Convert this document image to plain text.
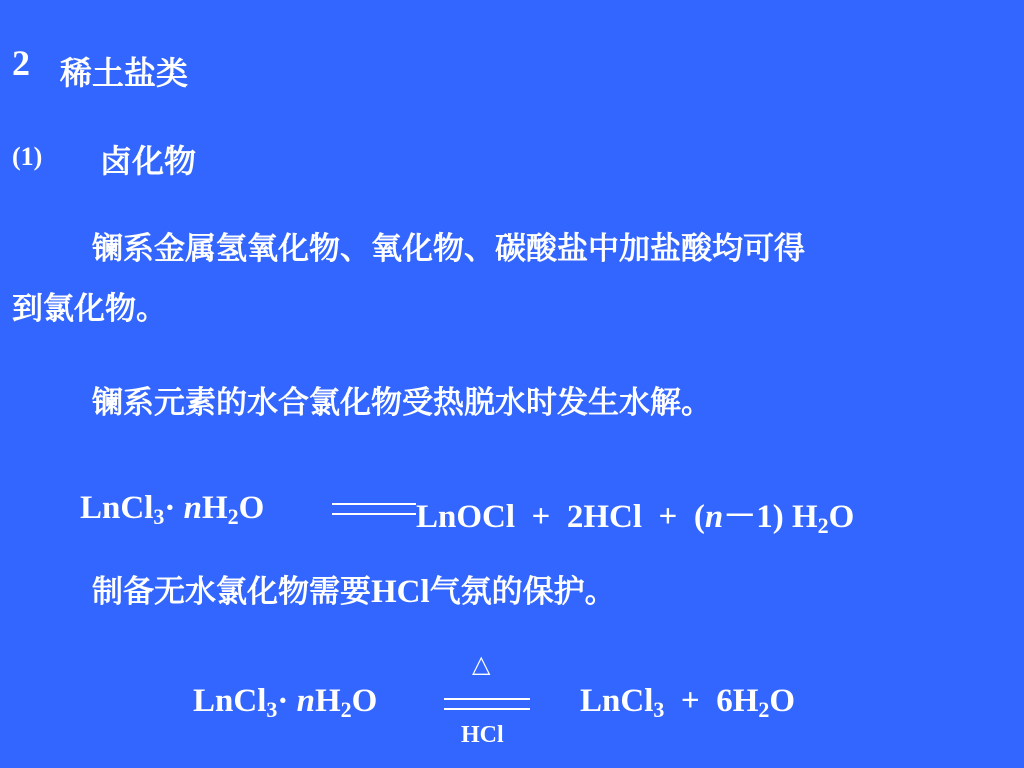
2 稀土盐类
(1) 卤化物
镧系金属氢氧化物、氧化物、碳酸盐中加盐酸均可得
到氯化物。
镧系元素的水合氯化物受热脱水时发生水解。
LnCl$_3$· $nH_2O$	LnOCl + 2HCl + (n－1) $H_2O$
制备无水氯化物需要HCl气氛的保护。
LnCl$_3$· $nH_2O$
△
HCl
LnCl$_3$ + $6H_2O$
